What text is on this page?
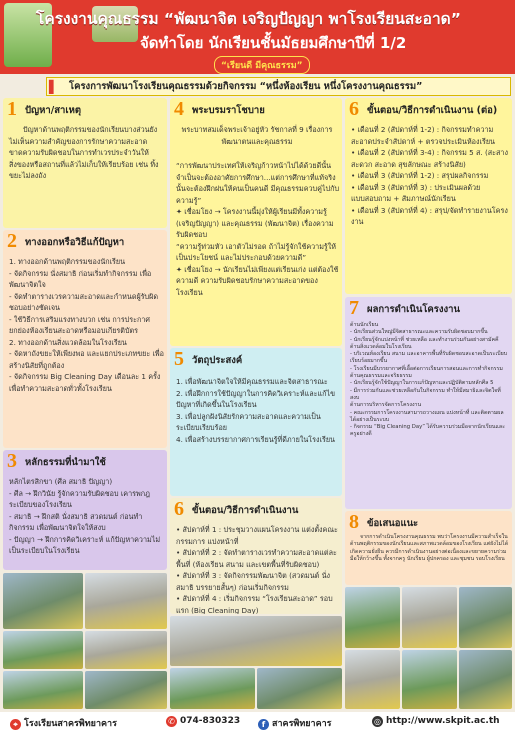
โครงงานคุณธรรม “พัฒนาจิต เจริญปัญญา พาโรงเรียนสะอาด”
จัดทำโดย นักเรียนชั้นมัธยมศึกษาปีที่ 1/2
“เรียนดี มีคุณธรรม”
▌ โครงการพัฒนาโรงเรียนคุณธรรมด้วยกิจกรรม “หนึ่งห้องเรียน หนึ่งโครงงานคุณธรรม”
1 ปัญหา/สาเหตุ
ปัญหาด้านพฤติกรรมของนักเรียนบางส่วนยังไม่เห็นความสำคัญของการรักษาความสะอาด ขาดความรับผิดชอบในการทำเวรประจำวันให้สิ่งของหรือสถานที่แล้วไม่เก็บให้เรียบร้อย เช่น ทิ้งขยะไม่ลงถัง
2 ทางออกหรือวิธีแก้ปัญหา
1. ทางออกด้านพฤติกรรมของนักเรียน
- จัดกิจกรรม นั่งสมาธิ ก่อนเริ่มทำกิจกรรม เพื่อพัฒนาจิตใจ
- จัดทำตารางเวรความสะอาดและกำหนดผู้รับผิดชอบอย่างชัดเจน
- ใช้วิธีการเสริมแรงทางบวก เช่น การประกาศยกย่องห้องเรียนสะอาดหรือมอบเกียรติบัตร
2. ทางออกด้านสิ่งแวดล้อมในโรงเรียน
- จัดหาถังขยะให้เพียงพอ และแยกประเภทขยะ เพื่อสร้างนิสัยที่ถูกต้อง
- จัดกิจกรรม Big Cleaning Day เดือนละ 1 ครั้ง เพื่อทำความสะอาดทั่วทั้งโรงเรียน
3 หลักธรรมที่นำมาใช้
หลักไตรสิกขา (ศีล สมาธิ ปัญญา)
- ศีล → ฝึกวินัย รู้จักความรับผิดชอบ เคารพกฎระเบียบของโรงเรียน
- สมาธิ → ฝึกสติ นั่งสมาธิ สวดมนต์ ก่อนทำกิจกรรม เพื่อพัฒนาจิตใจให้สงบ
- ปัญญา → ฝึกการคิดวิเคราะห์ แก้ปัญหาความไม่เป็นระเบียบในโรงเรียน
4 พระบรมราโชบาย
พระบาทสมเด็จพระเจ้าอยู่หัว รัชกาลที่ 9 เรื่องการพัฒนาตนและคุณธรรม
“การพัฒนาประเทศให้เจริญก้าวหน้าไปได้ด้วยดีนั้น จำเป็นจะต้องอาศัยการศึกษา...แต่การศึกษาที่แท้จริงนั้นจะต้องฝึกฝนให้คนเป็นคนดี มีคุณธรรมควบคู่ไปกับความรู้”
✦ เชื่อมโยง → โครงงานนี้มุ่งให้ผู้เรียนมีทั้งความรู้ (เจริญปัญญา) และคุณธรรม (พัฒนาจิต) เรื่องความรับผิดชอบ
“ความรู้ท่วมหัว เอาตัวไม่รอด ถ้าไม่รู้จักใช้ความรู้ให้เป็นประโยชน์ และไม่ประกอบด้วยความดี”
✦ เชื่อมโยง → นักเรียนไม่เพียงแต่เรียนเก่ง แต่ต้องใช้ความดี ความรับผิดชอบรักษาความสะอาดของโรงเรียน
5 วัตถุประสงค์
1. เพื่อพัฒนาจิตใจให้มีคุณธรรมและจิตสาธารณะ
2. เพื่อฝึกการใช้ปัญญาในการคิดวิเคราะห์และแก้ไขปัญหาที่เกิดขึ้นในโรงเรียน
3. เพื่อปลูกฝังนิสัยรักความสะอาดและความเป็นระเบียบเรียบร้อย
4. เพื่อสร้างบรรยากาศการเรียนรู้ที่ดีภายในโรงเรียน
6 ขั้นตอน/วิธีการดำเนินงาน
• สัปดาห์ที่ 1 : ประชุมวางแผนโครงงาน แต่งตั้งคณะกรรมการ แบ่งหน้าที่
• สัปดาห์ที่ 2 : จัดทำตารางเวรทำความสะอาดแต่ละพื้นที่ (ห้องเรียน สนาม และเขตพื้นที่รับผิดชอบ)
• สัปดาห์ที่ 3 : จัดกิจกรรมพัฒนาจิต (สวดมนต์ นั่งสมาธิ บรรยายสั้นๆ) ก่อนเริ่มกิจกรรม
• สัปดาห์ที่ 4 : เริ่มกิจกรรม “โรงเรียนสะอาด” รอบแรก (Big Cleaning Day)
6 ขั้นตอน/วิธีการดำเนินงาน (ต่อ)
• เดือนที่ 2 (สัปดาห์ที่ 1-2) : กิจกรรมทำความสะอาดประจำสัปดาห์ + ตรวจประเมินห้องเรียน
• เดือนที่ 2 (สัปดาห์ที่ 3-4) : กิจกรรม 5 ส. (สะสาง สะดวก สะอาด สุขลักษณะ สร้างนิสัย)
• เดือนที่ 3 (สัปดาห์ที่ 1-2) : สรุปผลกิจกรรม
• เดือนที่ 3 (สัปดาห์ที่ 3) : ประเมินผลด้วยแบบสอบถาม + สัมภาษณ์นักเรียน
• เดือนที่ 3 (สัปดาห์ที่ 4) : สรุป/จัดทำรายงานโครงงาน
7 ผลการดำเนินโครงงาน
ด้านนักเรียน
- นักเรียนส่วนใหญ่มีจิตสาธารณะและความรับผิดชอบมากขึ้น
- นักเรียนรู้จักแบ่งหน้าที่ ช่วยเหลือ และทำงานร่วมกันอย่างสามัคคี
ด้านสิ่งแวดล้อมในโรงเรียน
- บริเวณห้องเรียน สนาม และอาคารพื้นที่รับผิดชอบสะอาดเป็นระเบียบเรียบร้อยมากขึ้น
- โรงเรียนมีบรรยากาศที่เอื้อต่อการเรียนการสอนและการทำกิจกรรม
ด้านคุณธรรมและจริยธรรม
- นักเรียนรู้จักใช้ปัญญาในการแก้ปัญหาและปฏิบัติตามหลักศีล 5
- มีการร่วมกันและช่วยเหลือกันในกิจกรรม ทำให้มีสมาธิและจิตใจที่สงบ
ด้านการบริหารจัดการโครงงาน
- คณะกรรมการโครงงานสามารถวางแผน แบ่งหน้าที่ และติดตามผลได้อย่างเป็นระบบ
- กิจกรรม “Big Cleaning Day” ได้รับความร่วมมือจากนักเรียนและครูอย่างดี
8 ข้อเสนอแนะ
จากการดำเนินโครงงานคุณธรรม พบว่าโครงงานมีความสำเร็จในด้านพฤติกรรมของนักเรียนและสภาพแวดล้อมของโรงเรียน แต่ยังไม่ได้เกิดความยั่งยืน ควรมีการดำเนินงานอย่างต่อเนื่องและขยายความร่วมมือให้กว้างขึ้น ทั้งจากครู นักเรียน ผู้ปกครอง และชุมชน รอบโรงเรียน
⌖ โรงเรียนสาครพิทยาคาร	✆ 074-830323	f สาครพิทยาคาร	◎ http://www.skpit.ac.th
